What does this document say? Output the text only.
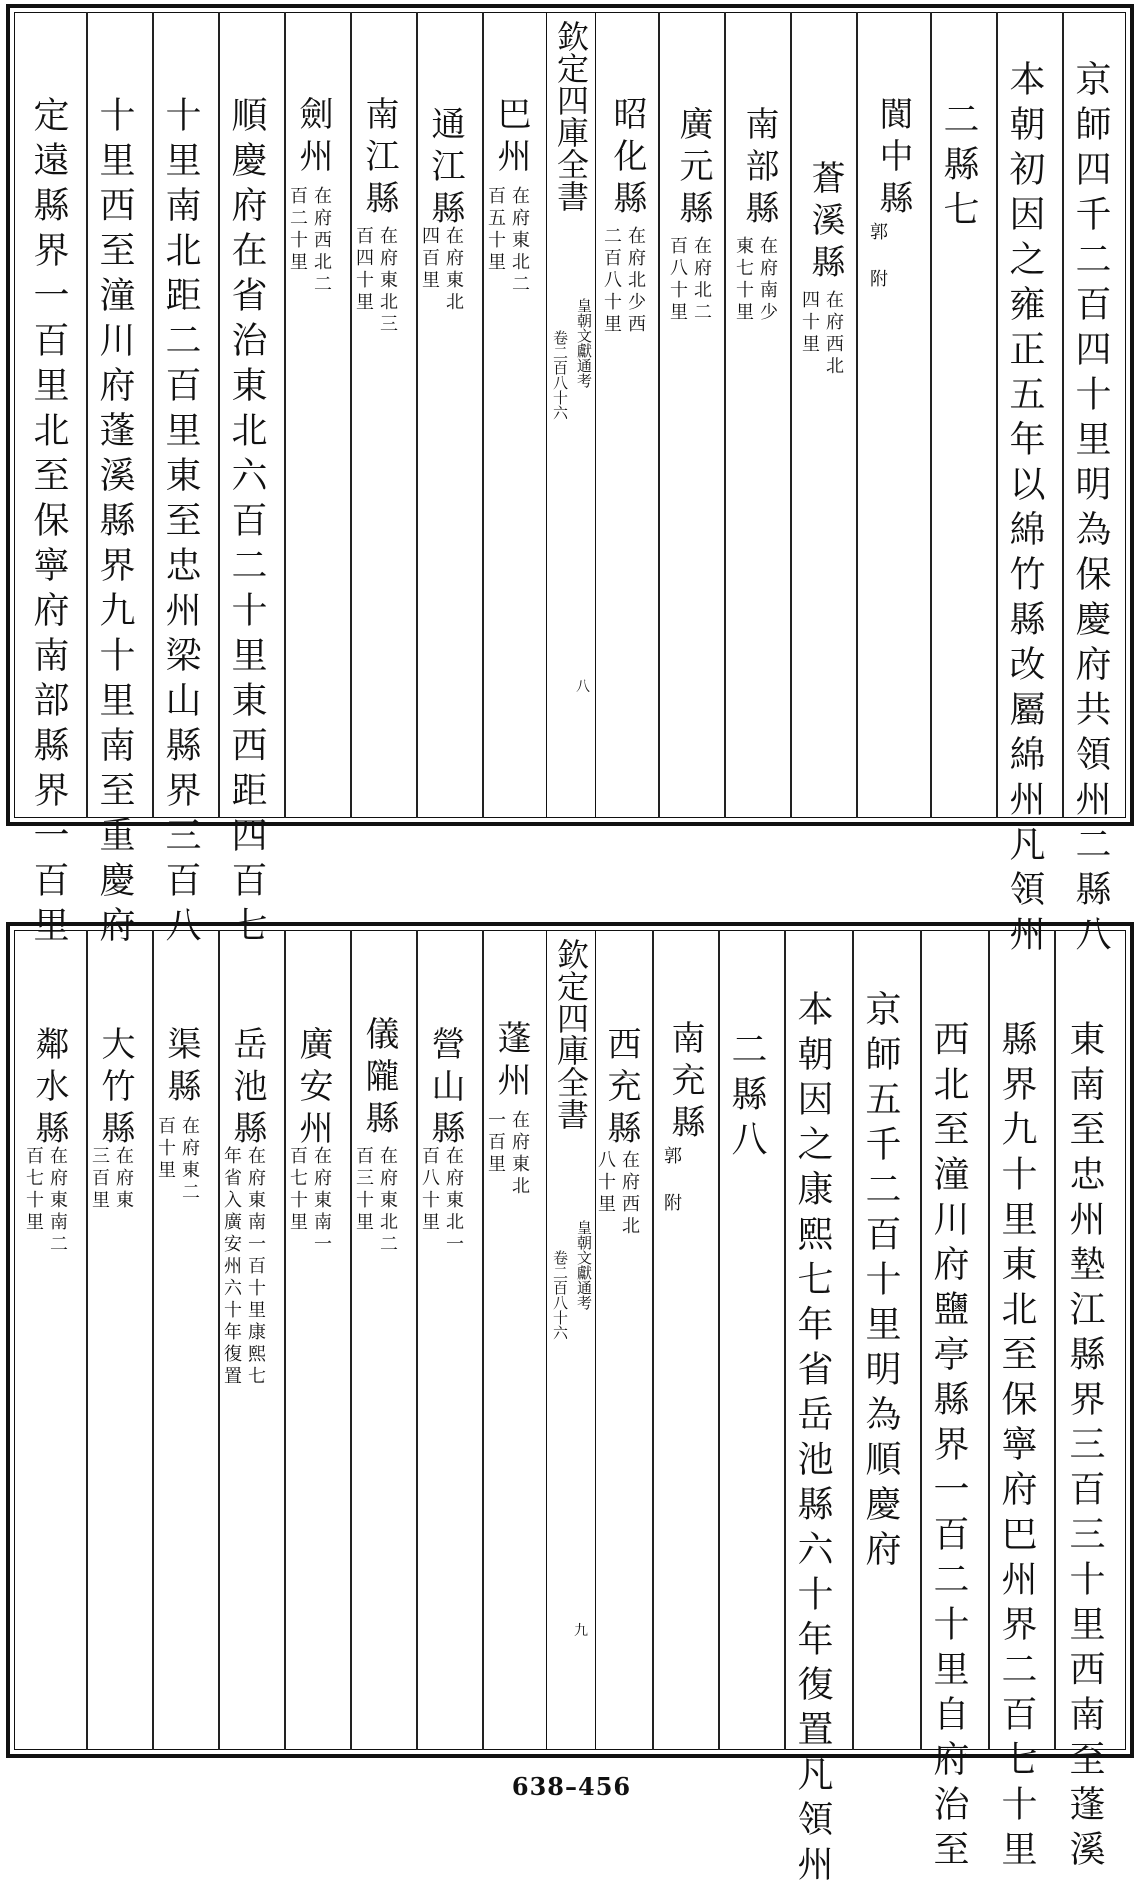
京師四千二百四十里明為保慶府共領州二縣八
本朝初因之雍正五年以綿竹縣改屬綿州凡領州
二縣七
閬中縣
郭 附
蒼溪縣
在府西北
四十里
南部縣
在府南少
東七十里
廣元縣
在府北二
百八十里
昭化縣
在府北少西
二百八十里
欽定四庫全書
皇朝文獻通考
卷二百八十六
八
巴州
在府東北二
百五十里
通江縣
在府東北
四百里
南江縣
在府東北三
百四十里
劍州
在府西北二
百二十里
順慶府在省治東北六百二十里東西距四百七
十里南北距二百里東至忠州梁山縣界三百八
十里西至潼川府蓬溪縣界九十里南至重慶府
定遠縣界一百里北至保寧府南部縣界一百里
東南至忠州墊江縣界三百三十里西南至蓬溪
縣界九十里東北至保寧府巴州界二百七十里
西北至潼川府鹽亭縣界一百二十里自府治至
京師五千二百十里明為順慶府
本朝因之康熙七年省岳池縣六十年復置凡領州
二縣八
南充縣
郭 附
西充縣
在府西北
八十里
欽定四庫全書
皇朝文獻通考
卷二百八十六
九
蓬州
在府東北
一百里
營山縣
在府東北一
百八十里
儀隴縣
在府東北二
百三十里
廣安州
在府東南一
百七十里
岳池縣
在府東南一百十里康熙七
年省入廣安州六十年復置
渠縣
在府東二
百十里
大竹縣
在府東
三百里
鄰水縣
在府東南二
百七十里
638–456
